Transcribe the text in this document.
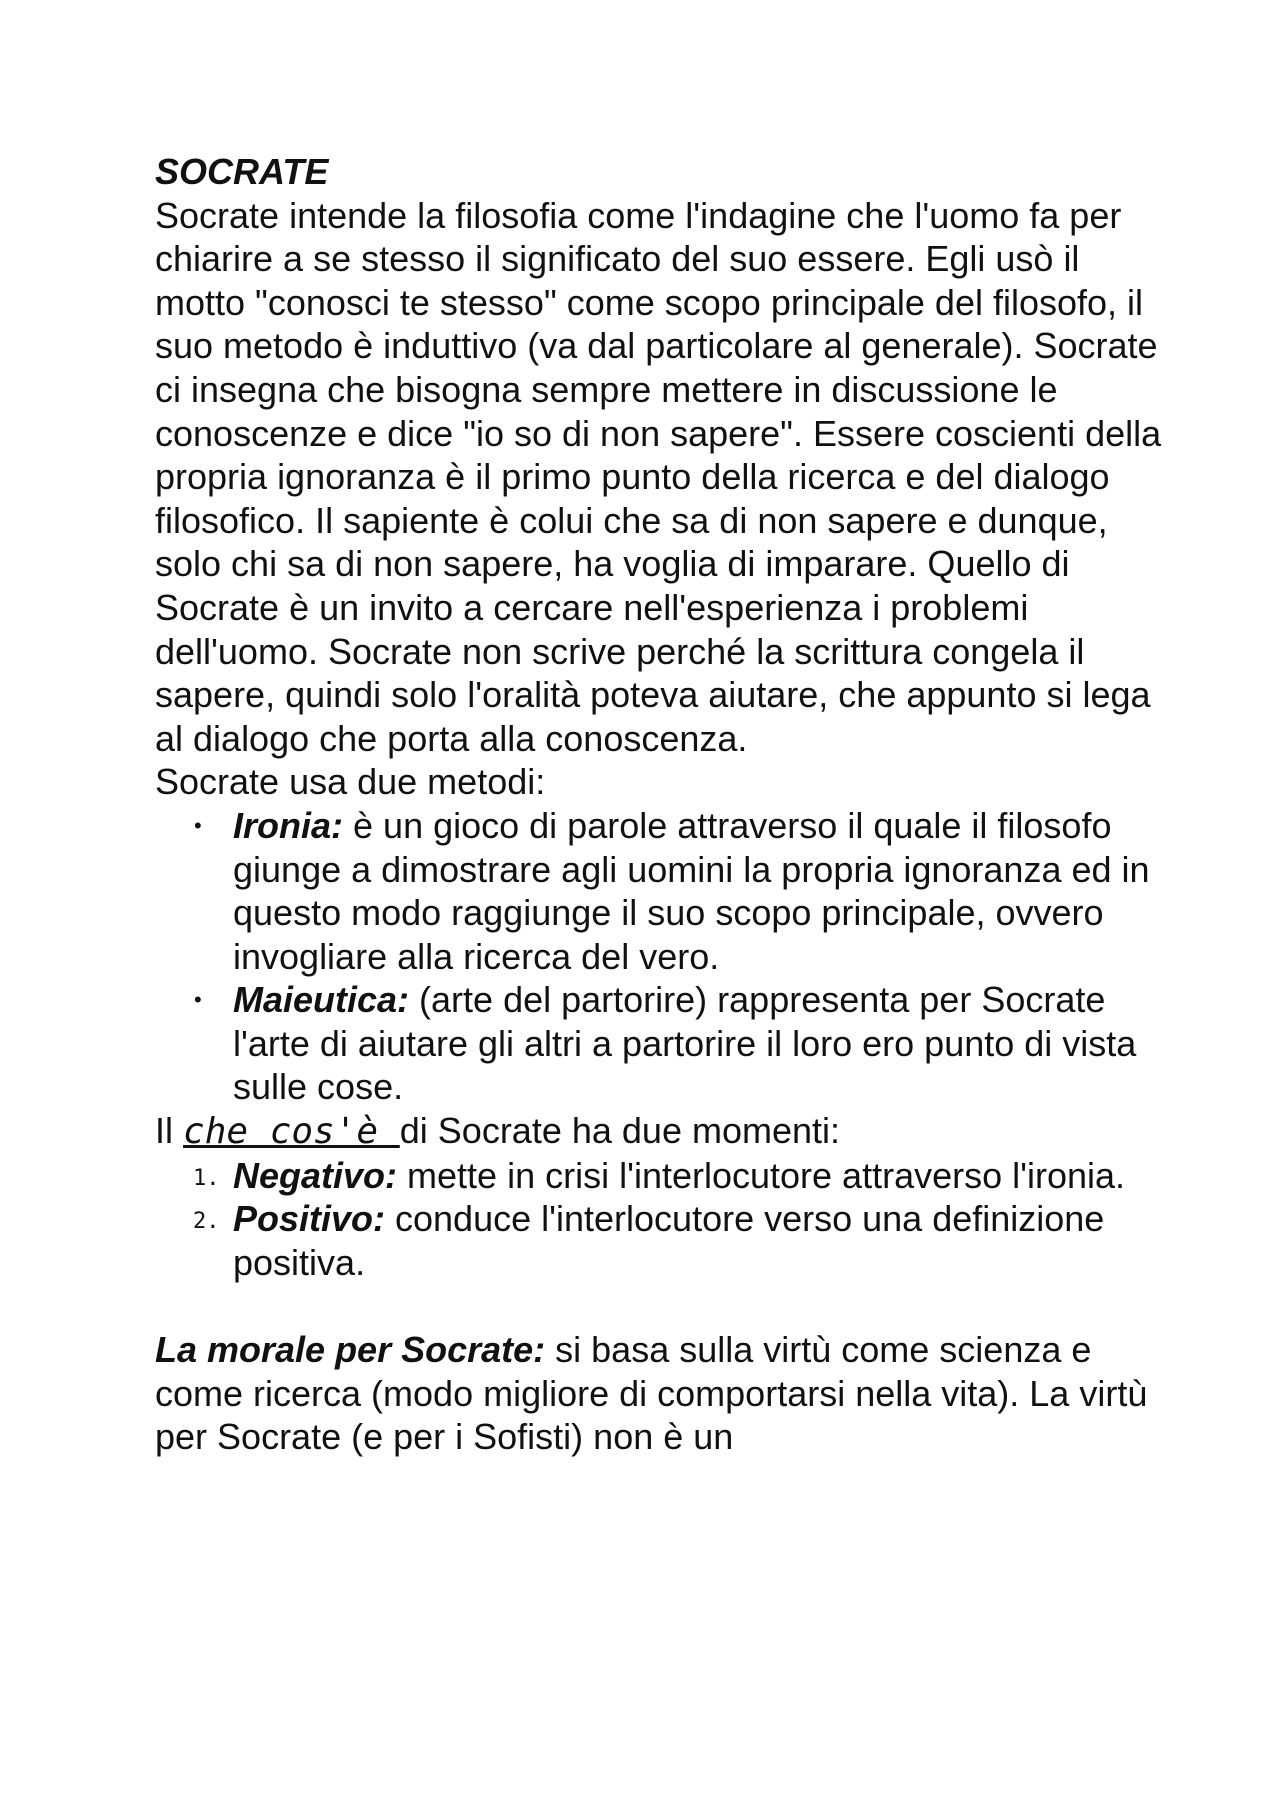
SOCRATE

Socrate intende la filosofia come l'indagine che l'uomo fa per chiarire a se stesso il significato del suo essere. Egli usò il motto "conosci te stesso" come scopo principale del filosofo, il suo metodo è induttivo (va dal particolare al generale). Socrate ci insegna che bisogna sempre mettere in discussione le conoscenze e dice "io so di non sapere". Essere coscienti della propria ignoranza è il primo punto della ricerca e del dialogo filosofico. Il sapiente è colui che sa di non sapere e dunque, solo chi sa di non sapere, ha voglia di imparare. Quello di Socrate è un invito a cercare nell'esperienza i problemi dell'uomo. Socrate non scrive perché la scrittura congela il sapere, quindi solo l'oralità poteva aiutare, che appunto si lega al dialogo che porta alla conoscenza.

Socrate usa due metodi:

• Ironia: è un gioco di parole attraverso il quale il filosofo giunge a dimostrare agli uomini la propria ignoranza ed in questo modo raggiunge il suo scopo principale, ovvero invogliare alla ricerca del vero.
• Maieutica: (arte del partorire) rappresenta per Socrate l'arte di aiutare gli altri a partorire il loro ero punto di vista sulle cose.

Il che cos'è di Socrate ha due momenti:

1. Negativo: mette in crisi l'interlocutore attraverso l'ironia.
2. Positivo: conduce l'interlocutore verso una definizione positiva.

La morale per Socrate: si basa sulla virtù come scienza e come ricerca (modo migliore di comportarsi nella vita). La virtù per Socrate (e per i Sofisti) non è un
